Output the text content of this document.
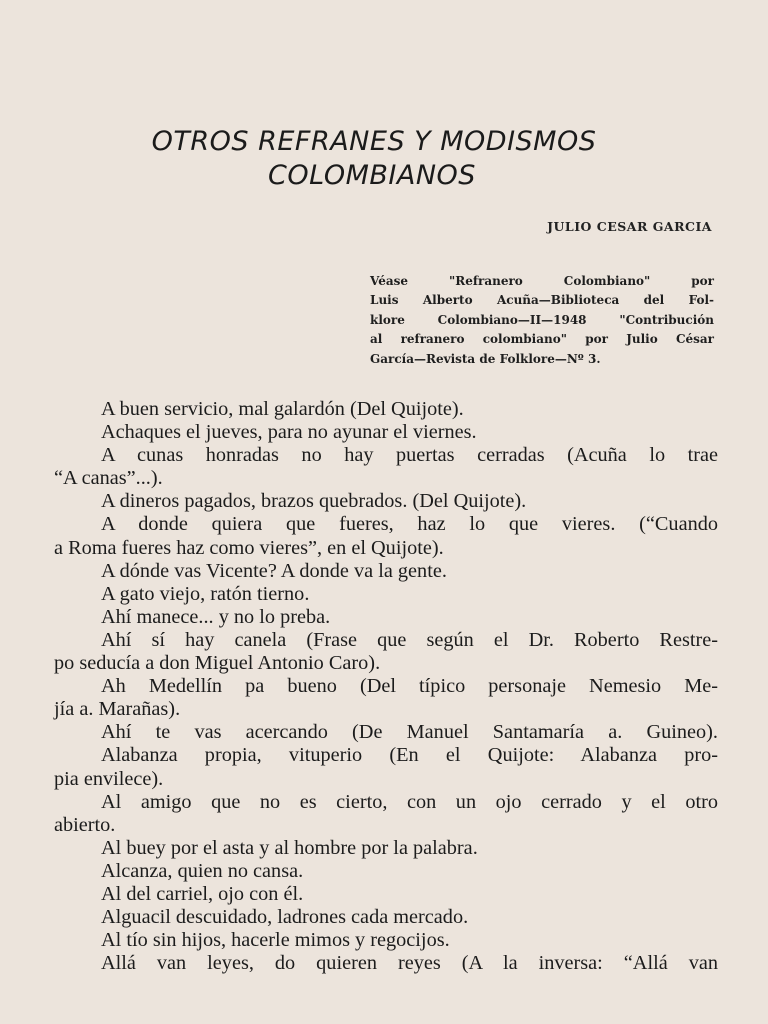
OTROS REFRANES Y MODISMOS
COLOMBIANOS
JULIO CESAR GARCIA
Véase "Refranero Colombiano" por
Luis Alberto Acuña—Biblioteca del Fol-
klore Colombiano—II—1948 "Contribución
al refranero colombiano" por Julio César
García—Revista de Folklore—Nº 3.
A buen servicio, mal galardón (Del Quijote).
Achaques el jueves, para no ayunar el viernes.
A cunas honradas no hay puertas cerradas (Acuña lo trae
“A canas”...).
A dineros pagados, brazos quebrados. (Del Quijote).
A donde quiera que fueres, haz lo que vieres. (“Cuando
a Roma fueres haz como vieres”, en el Quijote).
A dónde vas Vicente? A donde va la gente.
A gato viejo, ratón tierno.
Ahí manece... y no lo preba.
Ahí sí hay canela (Frase que según el Dr. Roberto Restre-
po seducía a don Miguel Antonio Caro).
Ah Medellín pa bueno (Del típico personaje Nemesio Me-
jía a. Marañas).
Ahí te vas acercando (De Manuel Santamaría a. Guineo).
Alabanza propia, vituperio (En el Quijote: Alabanza pro-
pia envilece).
Al amigo que no es cierto, con un ojo cerrado y el otro
abierto.
Al buey por el asta y al hombre por la palabra.
Alcanza, quien no cansa.
Al del carriel, ojo con él.
Alguacil descuidado, ladrones cada mercado.
Al tío sin hijos, hacerle mimos y regocijos.
Allá van leyes, do quieren reyes (A la inversa: “Allá van
